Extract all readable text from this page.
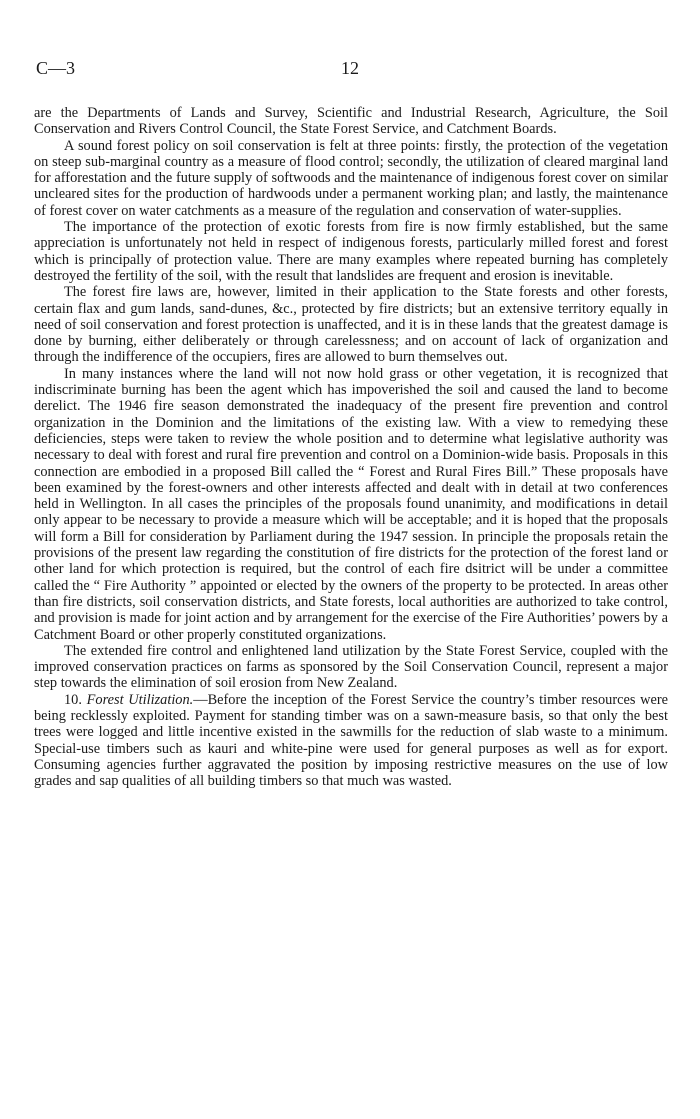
C—3	12

are the Departments of Lands and Survey, Scientific and Industrial Research, Agriculture, the Soil Conservation and Rivers Control Council, the State Forest Service, and Catchment Boards.

A sound forest policy on soil conservation is felt at three points: firstly, the protection of the vegetation on steep sub-marginal country as a measure of flood control; secondly, the utilization of cleared marginal land for afforestation and the future supply of softwoods and the maintenance of indigenous forest cover on similar uncleared sites for the production of hardwoods under a permanent working plan; and lastly, the maintenance of forest cover on water catchments as a measure of the regulation and conservation of water-supplies.

The importance of the protection of exotic forests from fire is now firmly established, but the same appreciation is unfortunately not held in respect of indigenous forests, particularly milled forest and forest which is principally of protection value. There are many examples where repeated burning has completely destroyed the fertility of the soil, with the result that landslides are frequent and erosion is inevitable.

The forest fire laws are, however, limited in their application to the State forests and other forests, certain flax and gum lands, sand-dunes, &c., protected by fire districts; but an extensive territory equally in need of soil conservation and forest protection is unaffected, and it is in these lands that the greatest damage is done by burning, either deliberately or through carelessness; and on account of lack of organization and through the indifference of the occupiers, fires are allowed to burn themselves out.

In many instances where the land will not now hold grass or other vegetation, it is recognized that indiscriminate burning has been the agent which has impoverished the soil and caused the land to become derelict. The 1946 fire season demonstrated the inadequacy of the present fire prevention and control organization in the Dominion and the limitations of the existing law. With a view to remedying these deficiencies, steps were taken to review the whole position and to determine what legislative authority was necessary to deal with forest and rural fire prevention and control on a Dominion-wide basis. Proposals in this connection are embodied in a proposed Bill called the “ Forest and Rural Fires Bill.” These proposals have been examined by the forest-owners and other interests affected and dealt with in detail at two conferences held in Wellington. In all cases the principles of the proposals found unanimity, and modifications in detail only appear to be necessary to provide a measure which will be acceptable; and it is hoped that the proposals will form a Bill for consideration by Parliament during the 1947 session. In principle the proposals retain the provisions of the present law regarding the constitution of fire districts for the protection of the forest land or other land for which protection is required, but the control of each fire dsitrict will be under a committee called the “ Fire Authority ” appointed or elected by the owners of the property to be protected. In areas other than fire districts, soil conservation districts, and State forests, local authorities are authorized to take control, and provision is made for joint action and by arrangement for the exercise of the Fire Authorities’ powers by a Catchment Board or other properly constituted organizations.

The extended fire control and enlightened land utilization by the State Forest Service, coupled with the improved conservation practices on farms as sponsored by the Soil Conservation Council, represent a major step towards the elimination of soil erosion from New Zealand.

10. Forest Utilization.—Before the inception of the Forest Service the country’s timber resources were being recklessly exploited. Payment for standing timber was on a sawn-measure basis, so that only the best trees were logged and little incentive existed in the sawmills for the reduction of slab waste to a minimum. Special-use timbers such as kauri and white-pine were used for general purposes as well as for export. Consuming agencies further aggravated the position by imposing restrictive measures on the use of low grades and sap qualities of all building timbers so that much was wasted.
